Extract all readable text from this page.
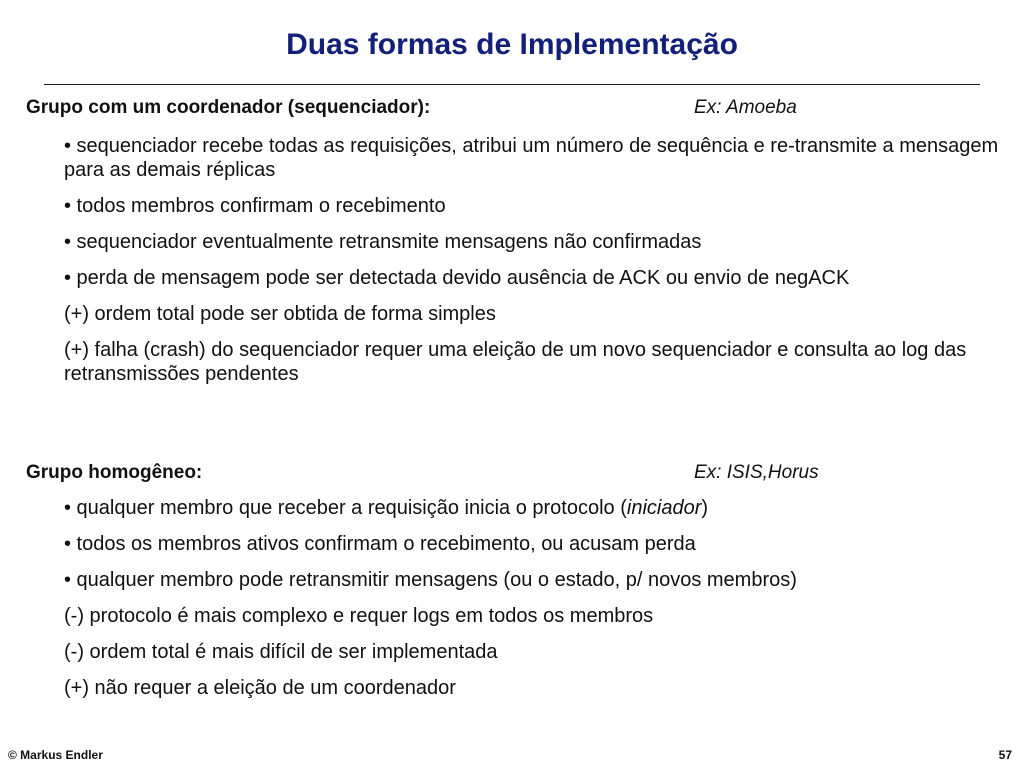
Duas formas de Implementação
Grupo com um coordenador (sequenciador):	Ex: Amoeba
• sequenciador recebe todas as requisições, atribui um número de sequência e re-transmite a mensagem para as demais réplicas
• todos membros confirmam o recebimento
• sequenciador eventualmente retransmite mensagens não confirmadas
• perda de mensagem pode ser detectada devido ausência de ACK ou envio de negACK
(+) ordem total pode ser obtida de forma simples
(+) falha (crash) do sequenciador requer uma eleição de um novo sequenciador e consulta ao log das retransmissões pendentes
Grupo homogêneo:	Ex: ISIS,Horus
• qualquer membro que receber a requisição inicia o protocolo (iniciador)
• todos os membros ativos confirmam o recebimento, ou acusam perda
• qualquer membro pode retransmitir mensagens (ou o estado, p/ novos membros)
(-) protocolo é mais complexo e requer logs em todos os membros
(-) ordem total é mais difícil de ser implementada
(+) não requer a eleição de um coordenador
© Markus Endler	57
